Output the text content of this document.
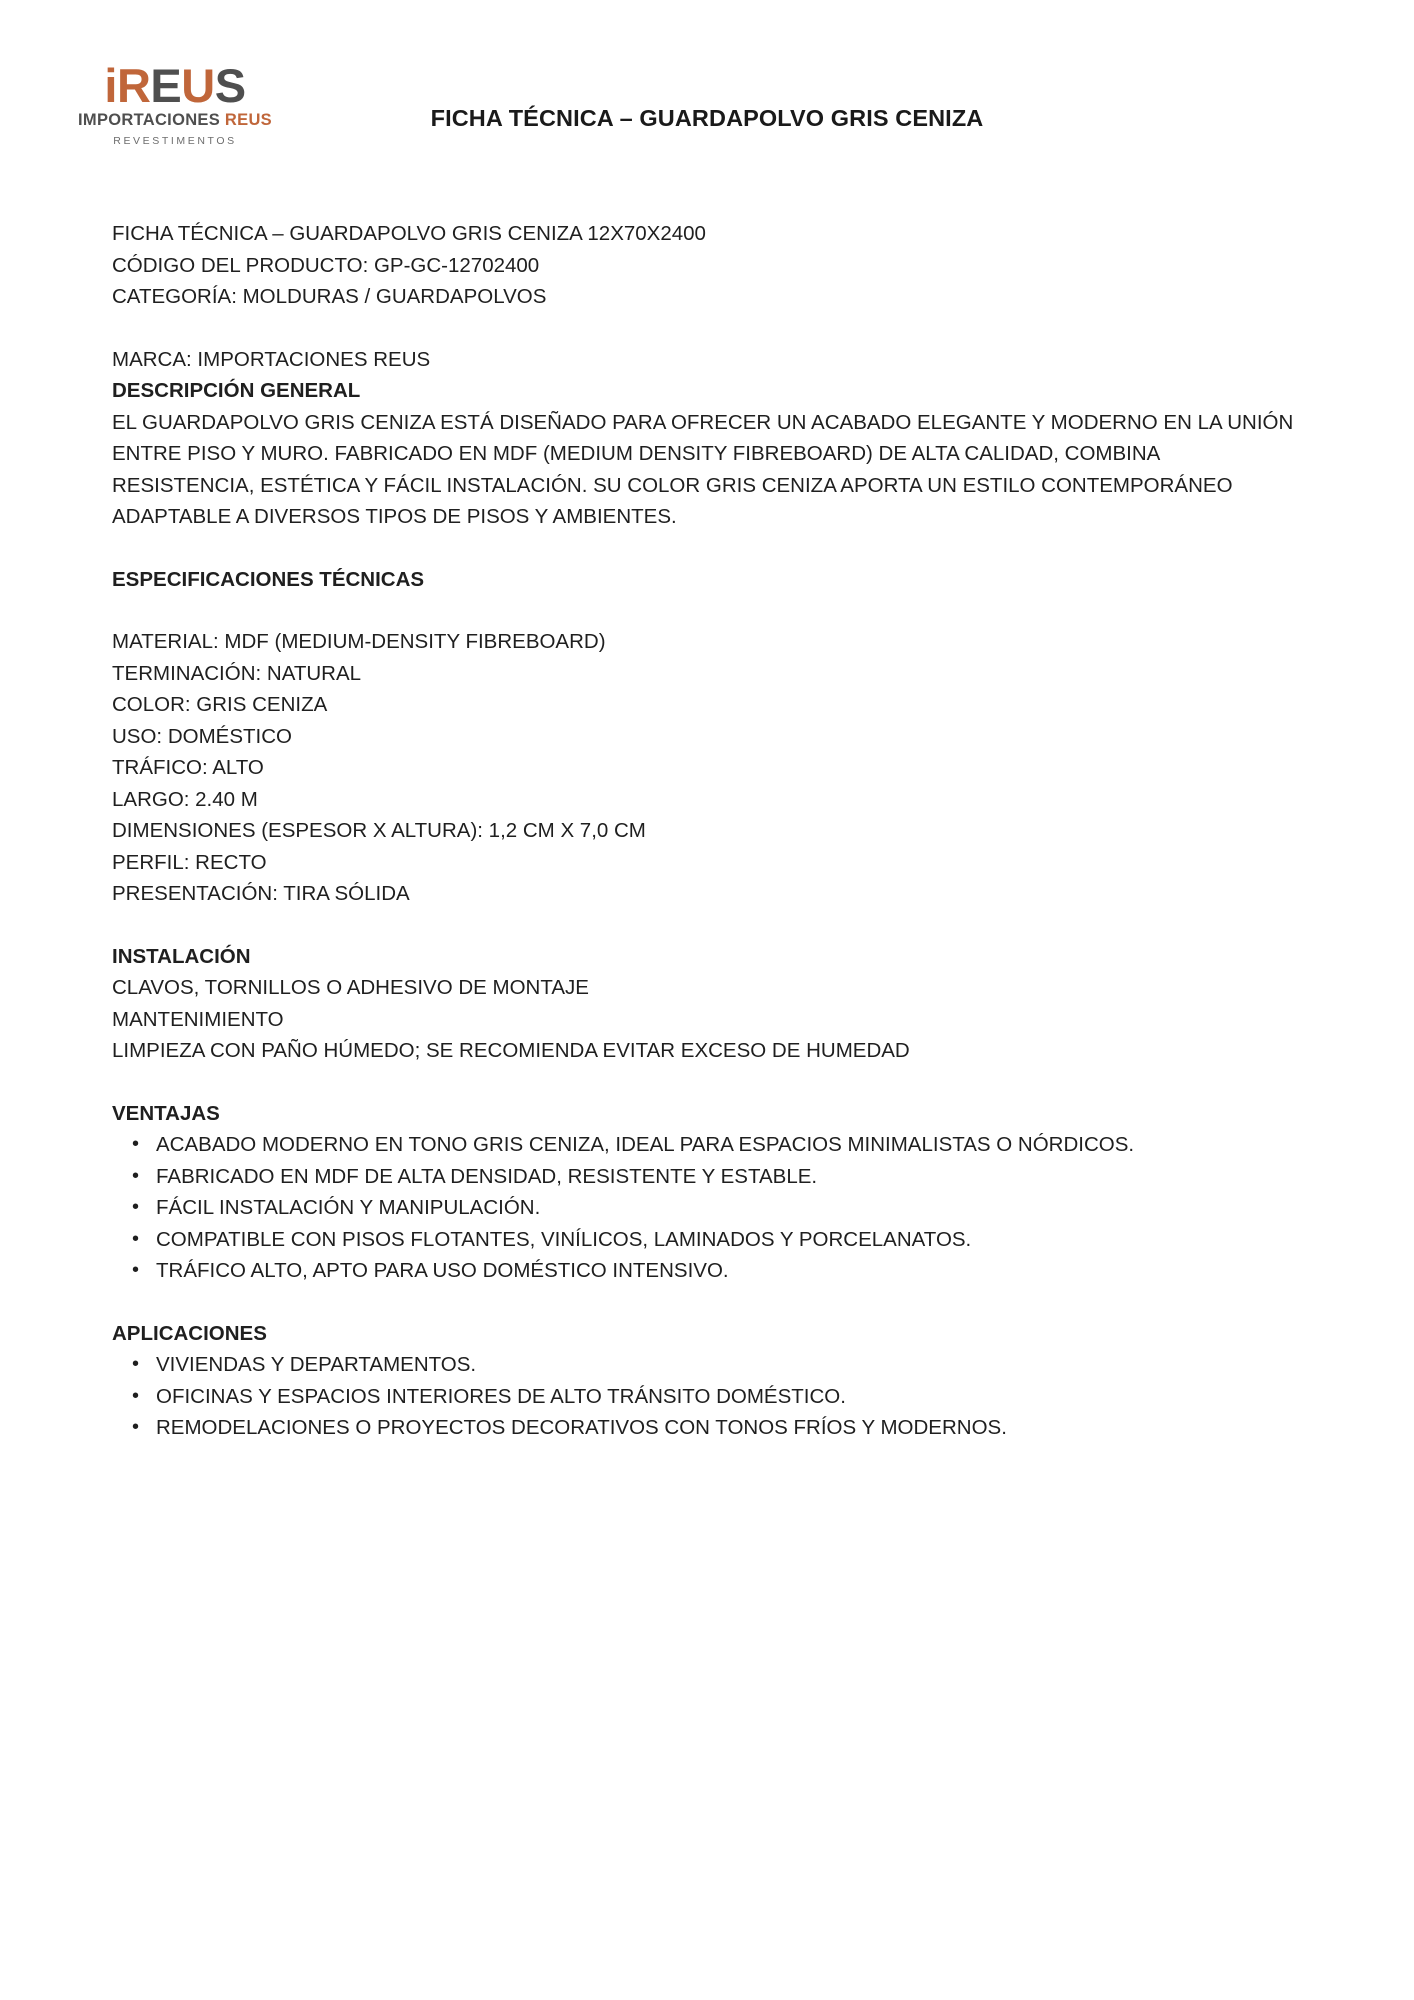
iREUS
IMPORTACIONES REUS
REVESTIMENTOS
FICHA TÉCNICA – GUARDAPOLVO GRIS CENIZA

FICHA TÉCNICA – GUARDAPOLVO GRIS CENIZA 12X70X2400

CÓDIGO DEL PRODUCTO: GP-GC-12702400

CATEGORÍA: MOLDURAS / GUARDAPOLVOS

MARCA: IMPORTACIONES REUS

DESCRIPCIÓN GENERAL

EL GUARDAPOLVO GRIS CENIZA ESTÁ DISEÑADO PARA OFRECER UN ACABADO ELEGANTE Y MODERNO EN LA UNIÓN ENTRE PISO Y MURO. FABRICADO EN MDF (MEDIUM DENSITY FIBREBOARD) DE ALTA CALIDAD, COMBINA RESISTENCIA, ESTÉTICA Y FÁCIL INSTALACIÓN. SU COLOR GRIS CENIZA APORTA UN ESTILO CONTEMPORÁNEO ADAPTABLE A DIVERSOS TIPOS DE PISOS Y AMBIENTES.

ESPECIFICACIONES TÉCNICAS

MATERIAL: MDF (MEDIUM-DENSITY FIBREBOARD)

TERMINACIÓN: NATURAL

COLOR: GRIS CENIZA

USO: DOMÉSTICO

TRÁFICO: ALTO

LARGO: 2.40 M

DIMENSIONES (ESPESOR X ALTURA): 1,2 CM X 7,0 CM

PERFIL: RECTO

PRESENTACIÓN: TIRA SÓLIDA

INSTALACIÓN

CLAVOS, TORNILLOS O ADHESIVO DE MONTAJE

MANTENIMIENTO

LIMPIEZA CON PAÑO HÚMEDO; SE RECOMIENDA EVITAR EXCESO DE HUMEDAD

VENTAJAS

• ACABADO MODERNO EN TONO GRIS CENIZA, IDEAL PARA ESPACIOS MINIMALISTAS O NÓRDICOS.
• FABRICADO EN MDF DE ALTA DENSIDAD, RESISTENTE Y ESTABLE.
• FÁCIL INSTALACIÓN Y MANIPULACIÓN.
• COMPATIBLE CON PISOS FLOTANTES, VINÍLICOS, LAMINADOS Y PORCELANATOS.
• TRÁFICO ALTO, APTO PARA USO DOMÉSTICO INTENSIVO.

APLICACIONES

• VIVIENDAS Y DEPARTAMENTOS.
• OFICINAS Y ESPACIOS INTERIORES DE ALTO TRÁNSITO DOMÉSTICO.
• REMODELACIONES O PROYECTOS DECORATIVOS CON TONOS FRÍOS Y MODERNOS.
